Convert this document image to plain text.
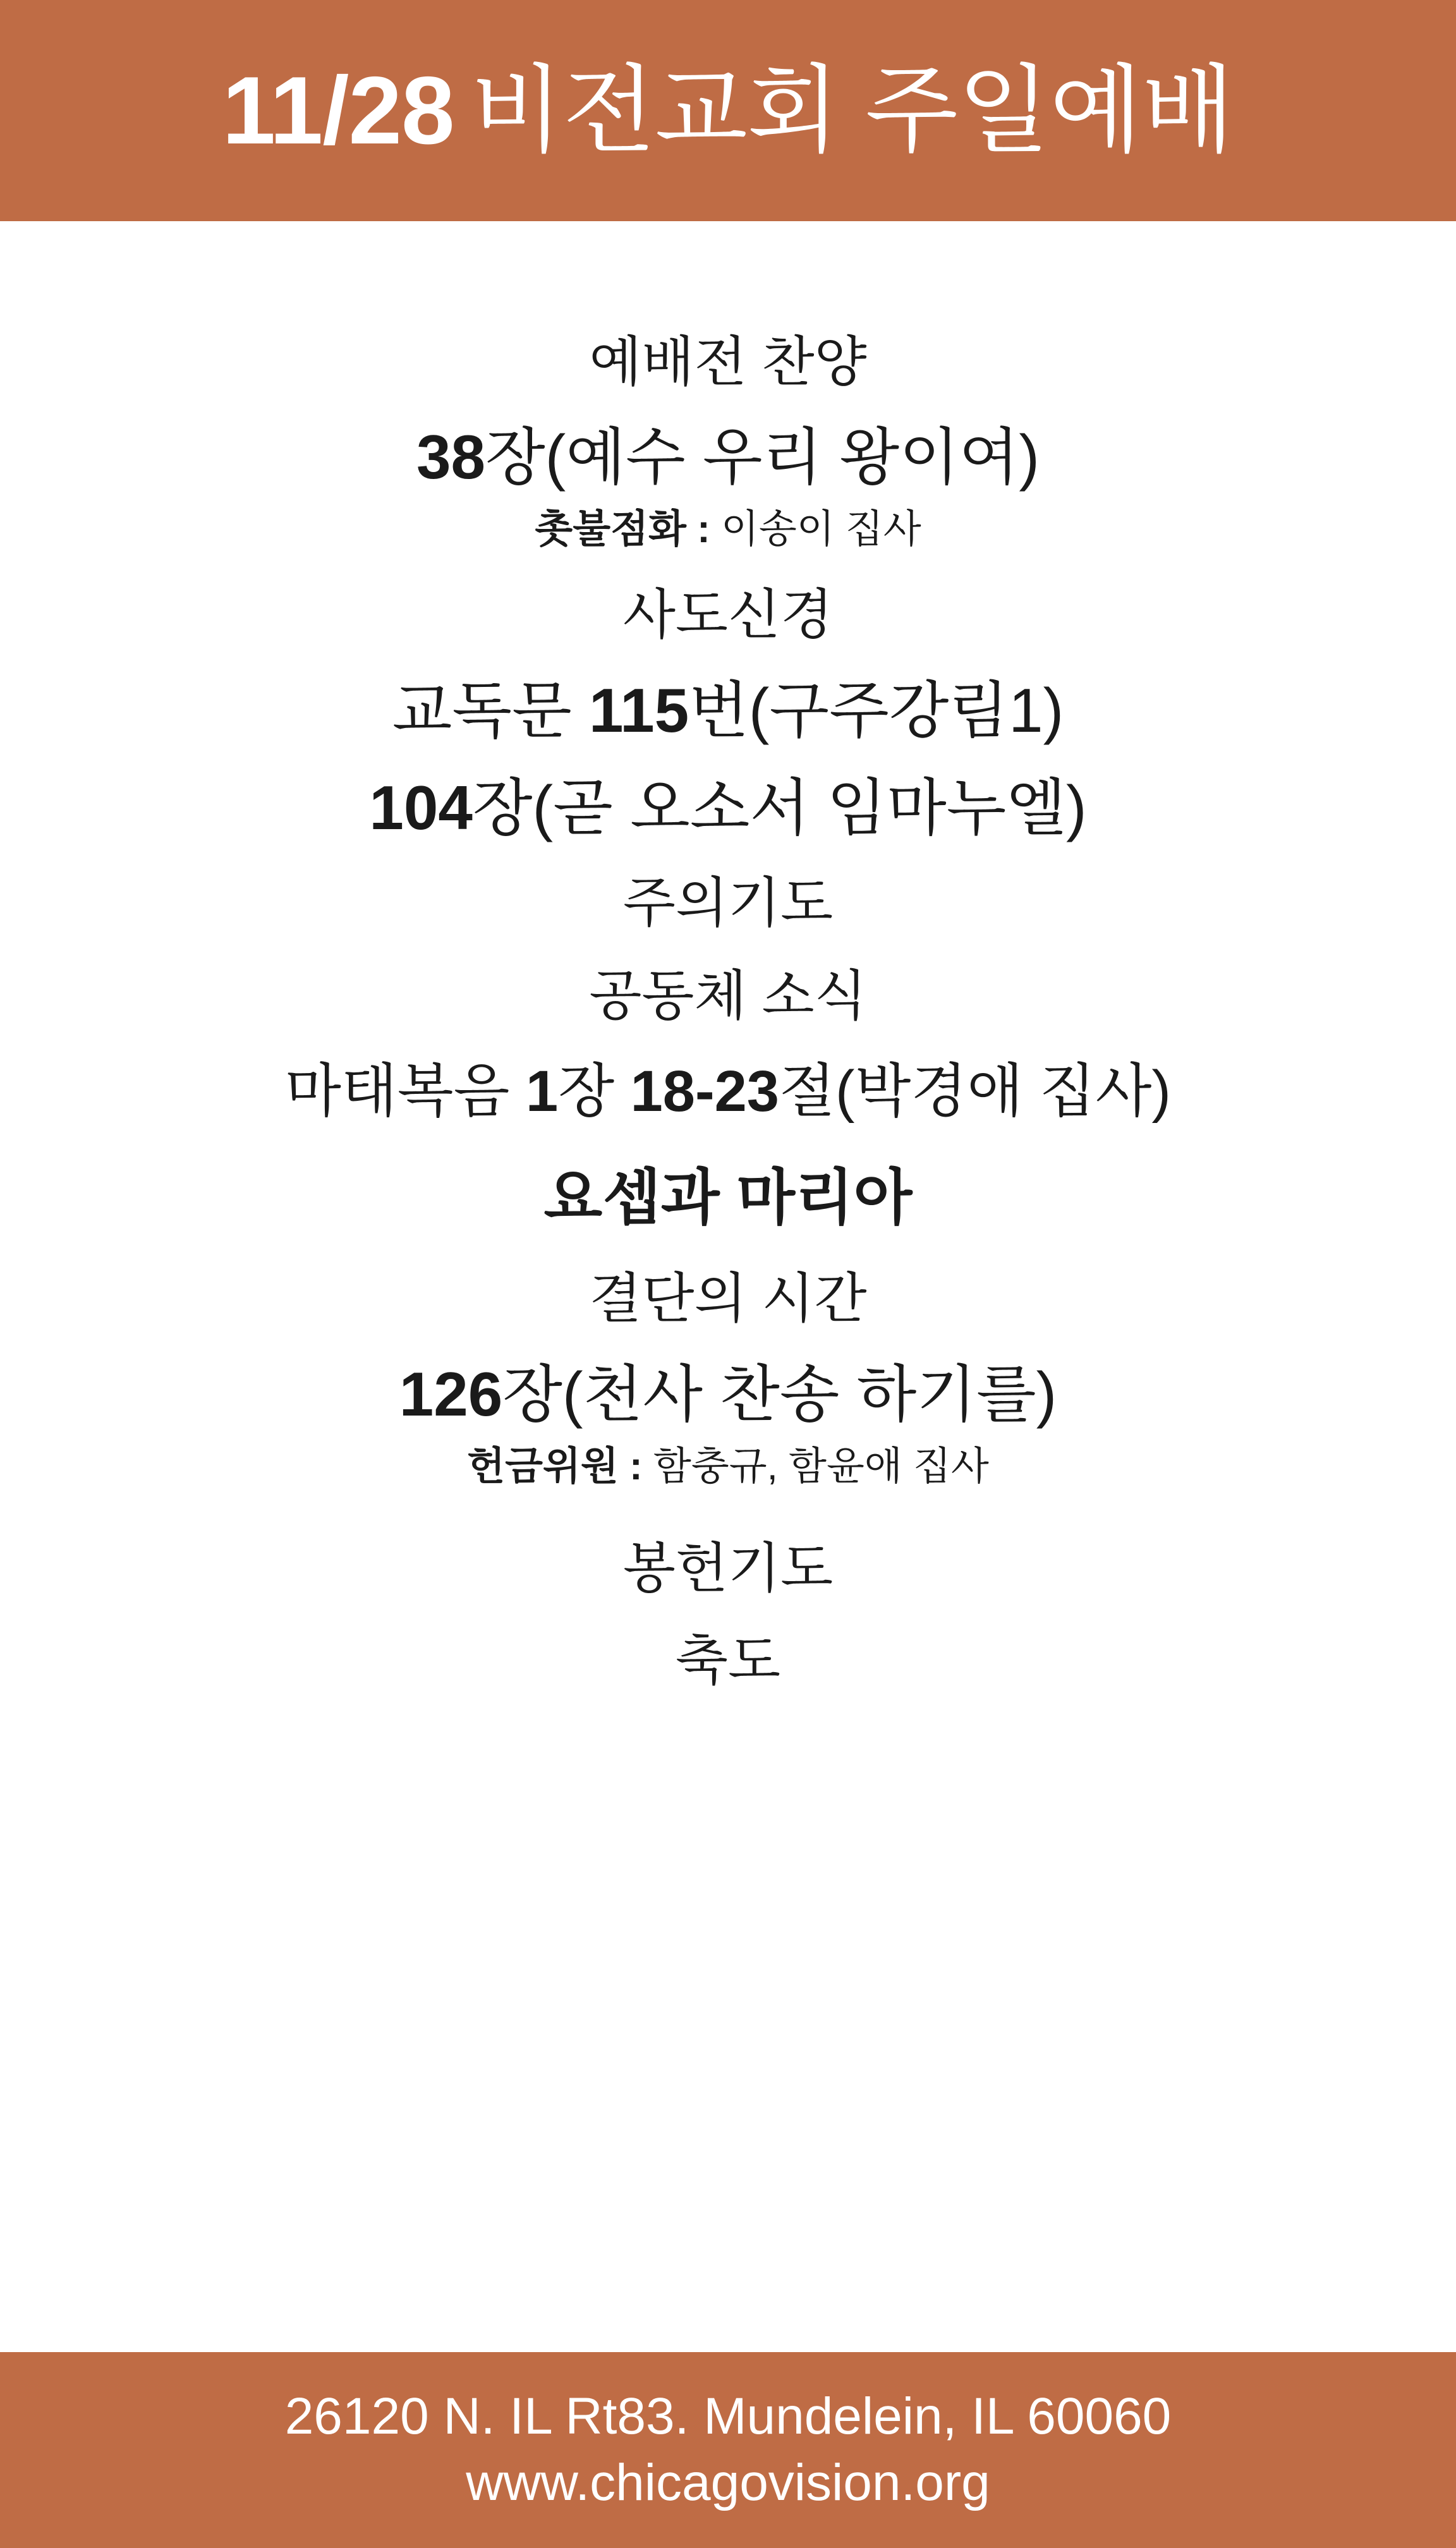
11/28 비전교회 주일예배
예배전 찬양
38장(예수 우리 왕이여)
촛불점화 : 이송이 집사
사도신경
교독문 115번(구주강림1)
104장(곧 오소서 임마누엘)
주의기도
공동체 소식
마태복음 1장 18-23절(박경애 집사)
요셉과 마리아
결단의 시간
126장(천사 찬송 하기를)
헌금위원 : 함충규, 함윤애 집사
봉헌기도
축도
26120 N. IL Rt83. Mundelein, IL 60060
www.chicagovision.org
